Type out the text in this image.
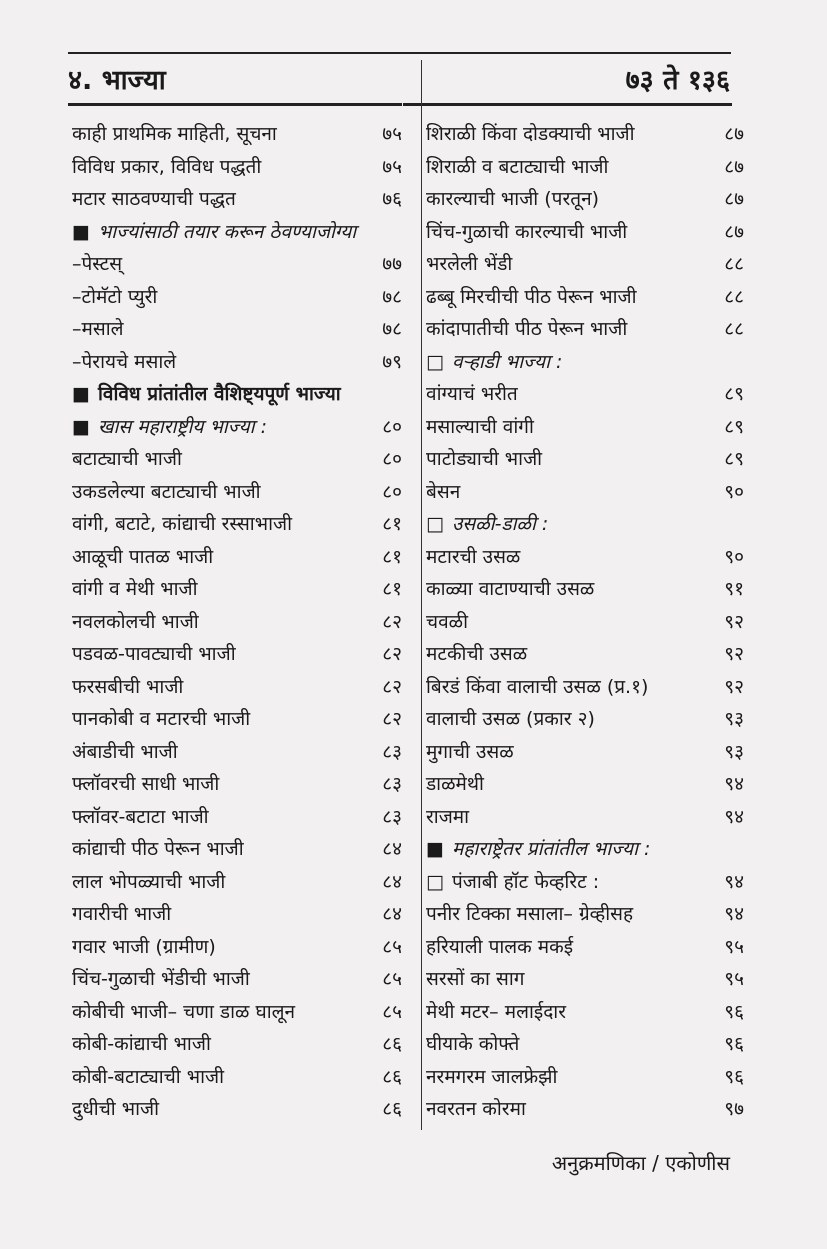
४. भाज्या	७३ ते १३६
काही प्राथमिक माहिती, सूचना	७५
विविध प्रकार, विविध पद्धती	७५
मटार साठवण्याची पद्धत	७६
■ भाज्यांसाठी तयार करून ठेवण्याजोग्या
–पेस्टस्	७७
–टोमॅटो प्युरी	७८
–मसाले	७८
–पेरायचे मसाले	७९
■ विविध प्रांतांतील वैशिष्ट्यपूर्ण भाज्या
■ खास महाराष्ट्रीय भाज्या :	८०
बटाट्याची भाजी	८०
उकडलेल्या बटाट्याची भाजी	८०
वांगी, बटाटे, कांद्याची रस्साभाजी	८१
आळूची पातळ भाजी	८१
वांगी व मेथी भाजी	८१
नवलकोलची भाजी	८२
पडवळ-पावट्याची भाजी	८२
फरसबीची भाजी	८२
पानकोबी व मटारची भाजी	८२
अंबाडीची भाजी	८३
फ्लॉवरची साधी भाजी	८३
फ्लॉवर-बटाटा भाजी	८३
कांद्याची पीठ पेरून भाजी	८४
लाल भोपळ्याची भाजी	८४
गवारीची भाजी	८४
गवार भाजी (ग्रामीण)	८५
चिंच-गुळाची भेंडीची भाजी	८५
कोबीची भाजी– चणा डाळ घालून	८५
कोबी-कांद्याची भाजी	८६
कोबी-बटाट्याची भाजी	८६
दुधीची भाजी	८६
शिराळी किंवा दोडक्याची भाजी	८७
शिराळी व बटाट्याची भाजी	८७
कारल्याची भाजी (परतून)	८७
चिंच-गुळाची कारल्याची भाजी	८७
भरलेली भेंडी	८८
ढब्बू मिरचीची पीठ पेरून भाजी	८८
कांदापातीची पीठ पेरून भाजी	८८
□ वऱ्हाडी भाज्या :
वांग्याचं भरीत	८९
मसाल्याची वांगी	८९
पाटोड्याची भाजी	८९
बेसन	९०
□ उसळी-डाळी :
मटारची उसळ	९०
काळ्या वाटाण्याची उसळ	९१
चवळी	९२
मटकीची उसळ	९२
बिरडं किंवा वालाची उसळ (प्र.१)	९२
वालाची उसळ (प्रकार २)	९३
मुगाची उसळ	९३
डाळमेथी	९४
राजमा	९४
■ महाराष्ट्रेतर प्रांतांतील भाज्या :
□ पंजाबी हॉट फेव्हरिट :	९४
पनीर टिक्का मसाला– ग्रेव्हीसह	९४
हरियाली पालक मकई	९५
सरसों का साग	९५
मेथी मटर– मलाईदार	९६
घीयाके कोफ्ते	९६
नरमगरम जालफ्रेझी	९६
नवरतन कोरमा	९७
अनुक्रमणिका / एकोणीस
